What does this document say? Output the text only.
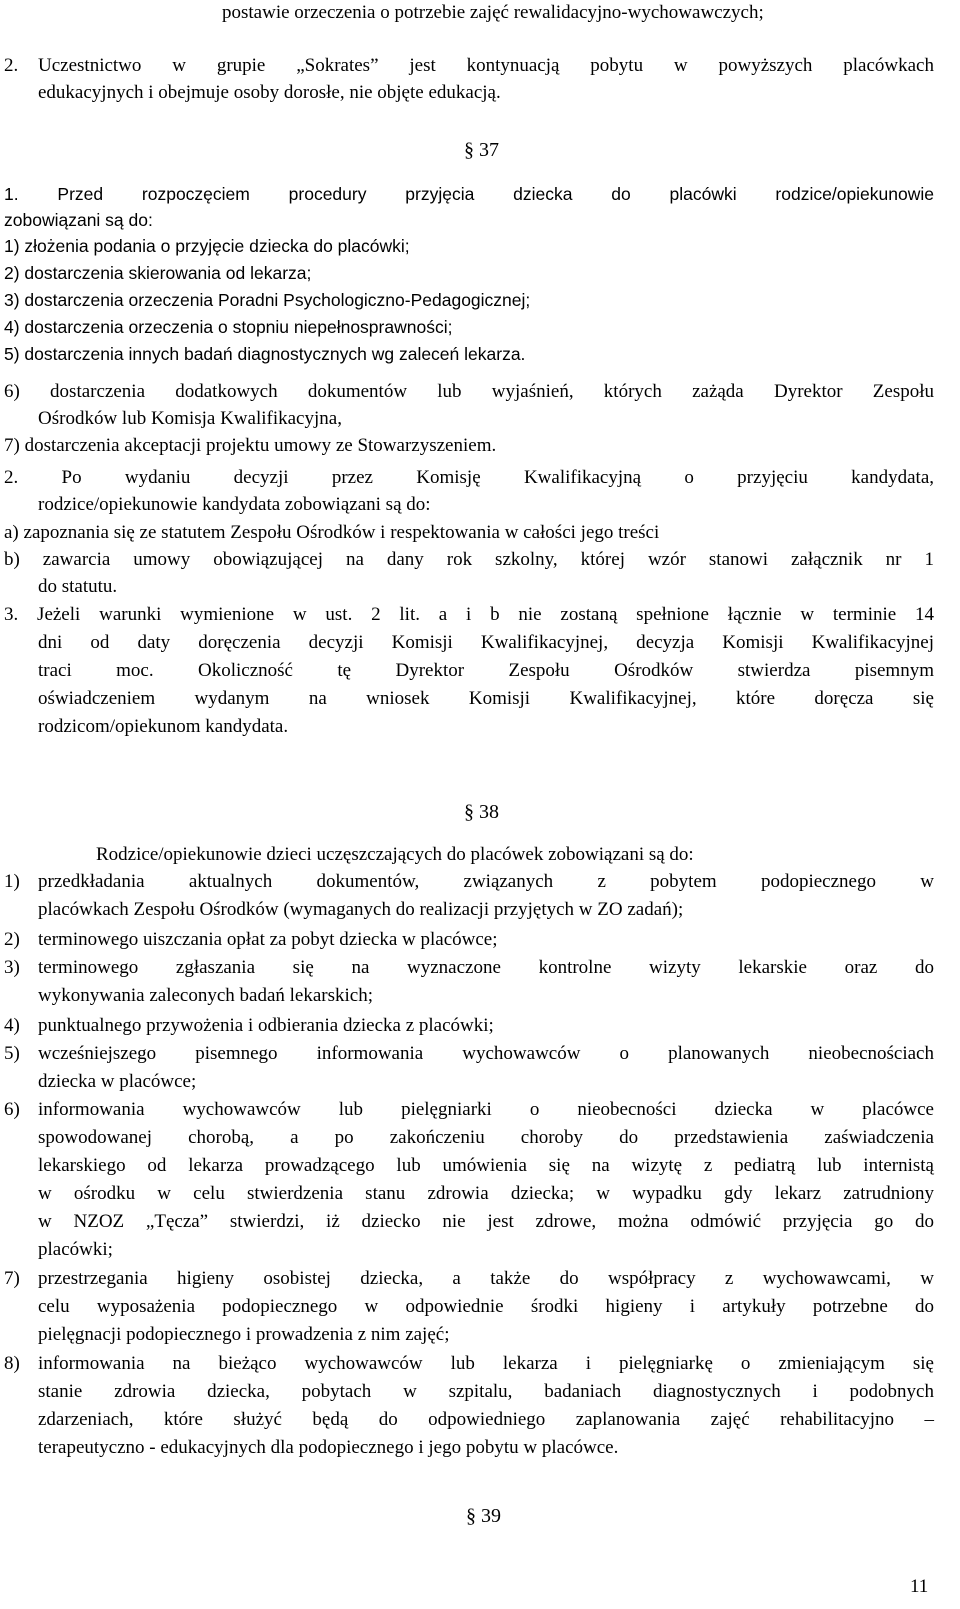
postawie orzeczenia o potrzebie zajęć rewalidacyjno-wychowawczych;
2. Uczestnictwo w grupie „Sokrates” jest kontynuacją pobytu w powyższych placówkach
edukacyjnych i obejmuje osoby dorosłe, nie objęte edukacją.
§ 37
1. Przed rozpoczęciem procedury przyjęcia dziecka do placówki rodzice/opiekunowie
zobowiązani są do:
1) złożenia podania o przyjęcie dziecka do placówki;
2) dostarczenia skierowania od lekarza;
3) dostarczenia orzeczenia Poradni Psychologiczno-Pedagogicznej;
4) dostarczenia orzeczenia o stopniu niepełnosprawności;
5) dostarczenia innych badań diagnostycznych wg zaleceń lekarza.
6) dostarczenia dodatkowych dokumentów lub wyjaśnień, których zażąda Dyrektor Zespołu
Ośrodków lub Komisja Kwalifikacyjna,
7) dostarczenia akceptacji projektu umowy ze Stowarzyszeniem.
2. Po wydaniu decyzji przez Komisję Kwalifikacyjną o przyjęciu kandydata,
rodzice/opiekunowie kandydata zobowiązani są do:
a) zapoznania się ze statutem Zespołu Ośrodków i respektowania w całości jego treści
b) zawarcia umowy obowiązującej na dany rok szkolny, której wzór stanowi załącznik nr 1
do statutu.
3. Jeżeli warunki wymienione w ust. 2 lit. a i b nie zostaną spełnione łącznie w terminie 14
dni od daty doręczenia decyzji Komisji Kwalifikacyjnej, decyzja Komisji Kwalifikacyjnej
traci moc. Okoliczność tę Dyrektor Zespołu Ośrodków stwierdza pisemnym
oświadczeniem wydanym na wniosek Komisji Kwalifikacyjnej, które doręcza się
rodzicom/opiekunom kandydata.
§ 38
Rodzice/opiekunowie dzieci uczęszczających do placówek zobowiązani są do:
1) przedkładania aktualnych dokumentów, związanych z pobytem podopiecznego w
placówkach Zespołu Ośrodków (wymaganych do realizacji przyjętych w ZO zadań);
2) terminowego uiszczania opłat za pobyt dziecka w placówce;
3) terminowego zgłaszania się na wyznaczone kontrolne wizyty lekarskie oraz do
wykonywania zaleconych badań lekarskich;
4) punktualnego przywożenia i odbierania dziecka z placówki;
5) wcześniejszego pisemnego informowania wychowawców o planowanych nieobecnościach
dziecka w placówce;
6) informowania wychowawców lub pielęgniarki o nieobecności dziecka w placówce
spowodowanej chorobą, a po zakończeniu choroby do przedstawienia zaświadczenia
lekarskiego od lekarza prowadzącego lub umówienia się na wizytę z pediatrą lub internistą
w ośrodku w celu stwierdzenia stanu zdrowia dziecka; w wypadku gdy lekarz zatrudniony
w NZOZ „Tęcza” stwierdzi, iż dziecko nie jest zdrowe, można odmówić przyjęcia go do
placówki;
7) przestrzegania higieny osobistej dziecka, a także do współpracy z wychowawcami, w
celu wyposażenia podopiecznego w odpowiednie środki higieny i artykuły potrzebne do
pielęgnacji podopiecznego i prowadzenia z nim zajęć;
8) informowania na bieżąco wychowawców lub lekarza i pielęgniarkę o zmieniającym się
stanie zdrowia dziecka, pobytach w szpitalu, badaniach diagnostycznych i podobnych
zdarzeniach, które służyć będą do odpowiedniego zaplanowania zajęć rehabilitacyjno –
terapeutyczno - edukacyjnych dla podopiecznego i jego pobytu w placówce.
§ 39
11
